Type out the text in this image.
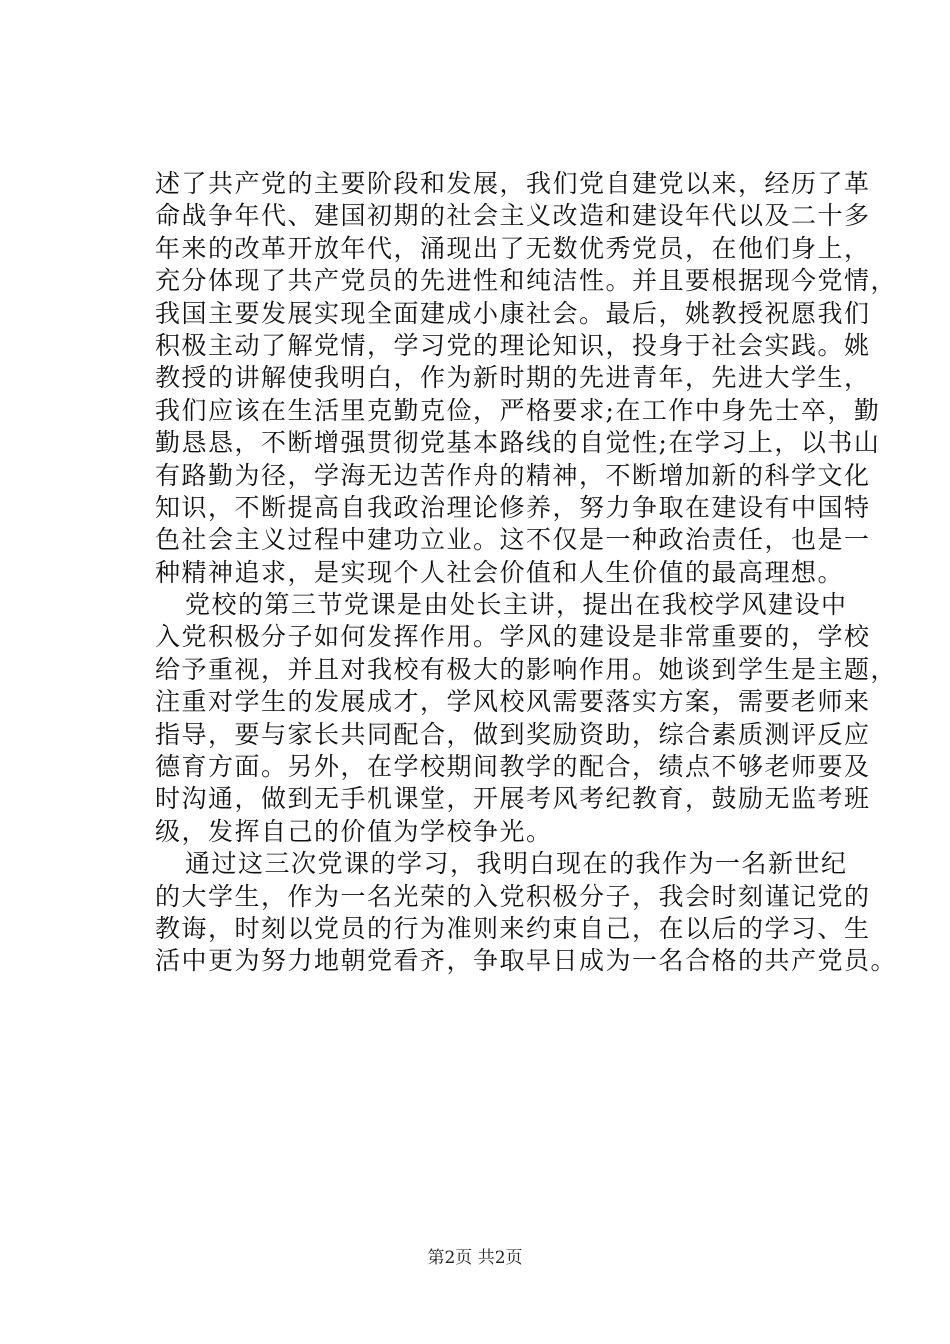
述了共产党的主要阶段和发展，我们党自建党以来，经历了革
命战争年代、建国初期的社会主义改造和建设年代以及二十多
年来的改革开放年代，涌现出了无数优秀党员，在他们身上，
充分体现了共产党员的先进性和纯洁性。并且要根据现今党情，
我国主要发展实现全面建成小康社会。最后，姚教授祝愿我们
积极主动了解党情，学习党的理论知识，投身于社会实践。姚
教授的讲解使我明白，作为新时期的先进青年，先进大学生，
我们应该在生活里克勤克俭，严格要求;在工作中身先士卒，勤
勤恳恳，不断增强贯彻党基本路线的自觉性;在学习上，以书山
有路勤为径，学海无边苦作舟的精神，不断增加新的科学文化
知识，不断提高自我政治理论修养，努力争取在建设有中国特
色社会主义过程中建功立业。这不仅是一种政治责任，也是一
种精神追求，是实现个人社会价值和人生价值的最高理想。
党校的第三节党课是由处长主讲，提出在我校学风建设中
入党积极分子如何发挥作用。学风的建设是非常重要的，学校
给予重视，并且对我校有极大的影响作用。她谈到学生是主题，
注重对学生的发展成才，学风校风需要落实方案，需要老师来
指导，要与家长共同配合，做到奖励资助，综合素质测评反应
德育方面。另外，在学校期间教学的配合，绩点不够老师要及
时沟通，做到无手机课堂，开展考风考纪教育，鼓励无监考班
级，发挥自己的价值为学校争光。
通过这三次党课的学习，我明白现在的我作为一名新世纪
的大学生，作为一名光荣的入党积极分子，我会时刻谨记党的
教诲，时刻以党员的行为准则来约束自己，在以后的学习、生
活中更为努力地朝党看齐，争取早日成为一名合格的共产党员。
第2页 共2页
